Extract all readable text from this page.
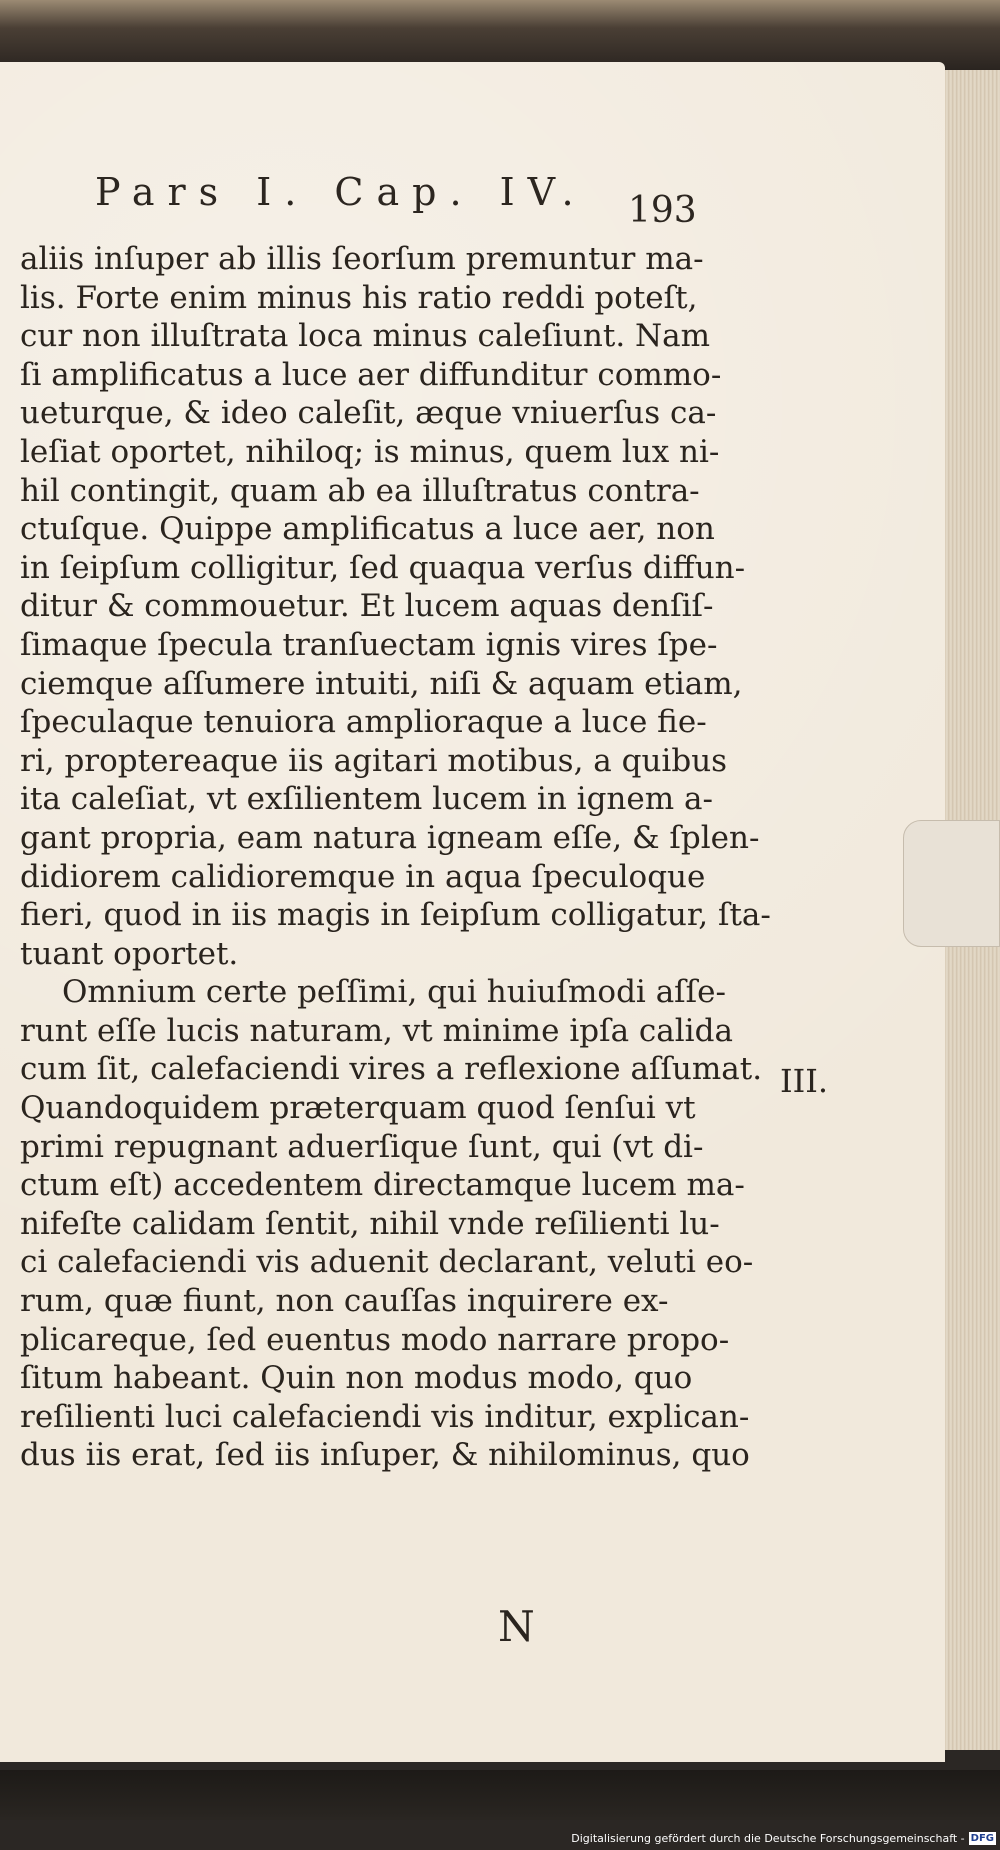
Pars I. Cap. IV.	193
aliis inſuper ab illis ſeorſum premuntur ma-
lis. Forte enim minus his ratio reddi poteſt,
cur non illuſtrata loca minus caleſiunt. Nam
ſi amplificatus a luce aer diffunditur commo-
ueturque, & ideo caleſit, æque vniuerſus ca-
leſiat oportet, nihiloq; is minus, quem lux ni-
hil contingit, quam ab ea illuſtratus contra-
ctuſque. Quippe amplificatus a luce aer, non
in ſeipſum colligitur, ſed quaqua verſus diffun-
ditur & commouetur. Et lucem aquas denſiſ-
ſimaque ſpecula tranſuectam ignis vires ſpe-
ciemque aſſumere intuiti, niſi & aquam etiam,
ſpeculaque tenuiora amplioraque a luce fie-
ri, proptereaque iis agitari motibus, a quibus
ita caleſiat, vt exſilientem lucem in ignem a-
gant propria, eam natura igneam eſſe, & ſplen-
didiorem calidioremque in aqua ſpeculoque
fieri, quod in iis magis in ſeipſum colligatur, ſta-
tuant oportet.
Omnium certe peſſimi, qui huiuſmodi aſſe-
runt eſſe lucis naturam, vt minime ipſa calida
cum ſit, calefaciendi vires a reflexione aſſumat.
Quandoquidem præterquam quod ſenſui vt
primi repugnant aduerſique ſunt, qui (vt di-
ctum eſt) accedentem directamque lucem ma-
nifeſte calidam ſentit, nihil vnde reſilienti lu-
ci calefaciendi vis aduenit declarant, veluti eo-
rum, quæ fiunt, non cauſſas inquirere ex-
plicareque, ſed euentus modo narrare propo-
ſitum habeant. Quin non modus modo, quo
reſilienti luci calefaciendi vis inditur, explican-
dus iis erat, ſed iis inſuper, & nihilominus, quo
III.
N
Digitalisierung gefördert durch die Deutsche Forschungsgemeinschaft - DFG
